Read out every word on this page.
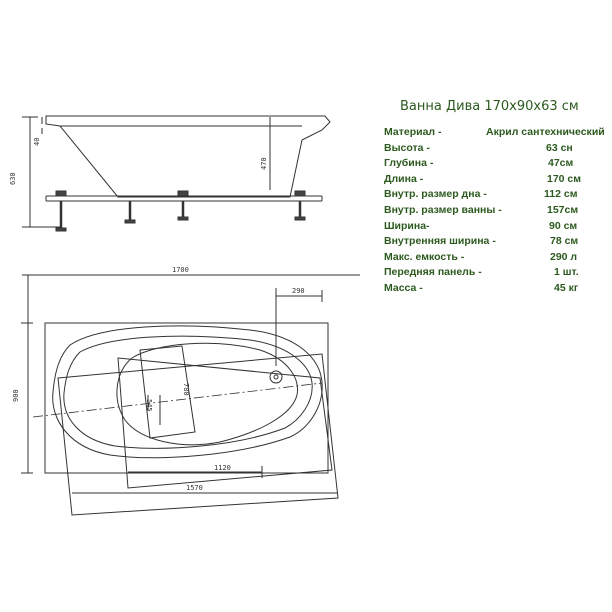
630
40
470
1700
900
290
545
780
1120
1570
Ванна Дива 170x90x63 см
Материал -	Акрил сантехнический
Высота -	63 сн
Глубина -	47см
Длина -	170 см
Внутр. размер дна -	112 см
Внутр. размер ванны -	157см
Ширина-	90 см
Внутренняя ширина -	78 см
Макс. емкость -	290 л
Передняя панель -	1 шт.
Масса -	45 кг
